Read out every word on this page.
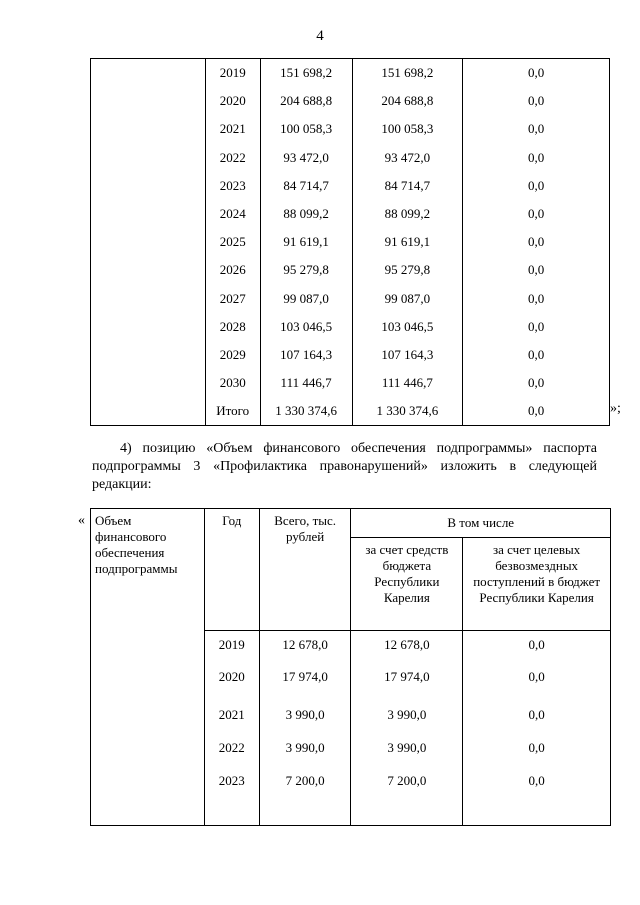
4
	2019	151 698,2	151 698,2	0,0
	2020	204 688,8	204 688,8	0,0
	2021	100 058,3	100 058,3	0,0
	2022	93 472,0	93 472,0	0,0
	2023	84 714,7	84 714,7	0,0
	2024	88 099,2	88 099,2	0,0
	2025	91 619,1	91 619,1	0,0
	2026	95 279,8	95 279,8	0,0
	2027	99 087,0	99 087,0	0,0
	2028	103 046,5	103 046,5	0,0
	2029	107 164,3	107 164,3	0,0
	2030	111 446,7	111 446,7	0,0
	Итого	1 330 374,6	1 330 374,6	0,0	»;
4) позицию «Объем финансового обеспечения подпрограммы» паспорта подпрограммы 3 «Профилактика правонарушений» изложить в следующей редакции:
« Объем финансового обеспечения подпрограммы	Год	Всего, тыс. рублей	В том числе	
			за счет средств бюджета Республики Карелия	за счет целевых безвозмездных поступлений в бюджет Республики Карелия
	2019	12 678,0	12 678,0	0,0
	2020	17 974,0	17 974,0	0,0
	2021	3 990,0	3 990,0	0,0
	2022	3 990,0	3 990,0	0,0
	2023	7 200,0	7 200,0	0,0
